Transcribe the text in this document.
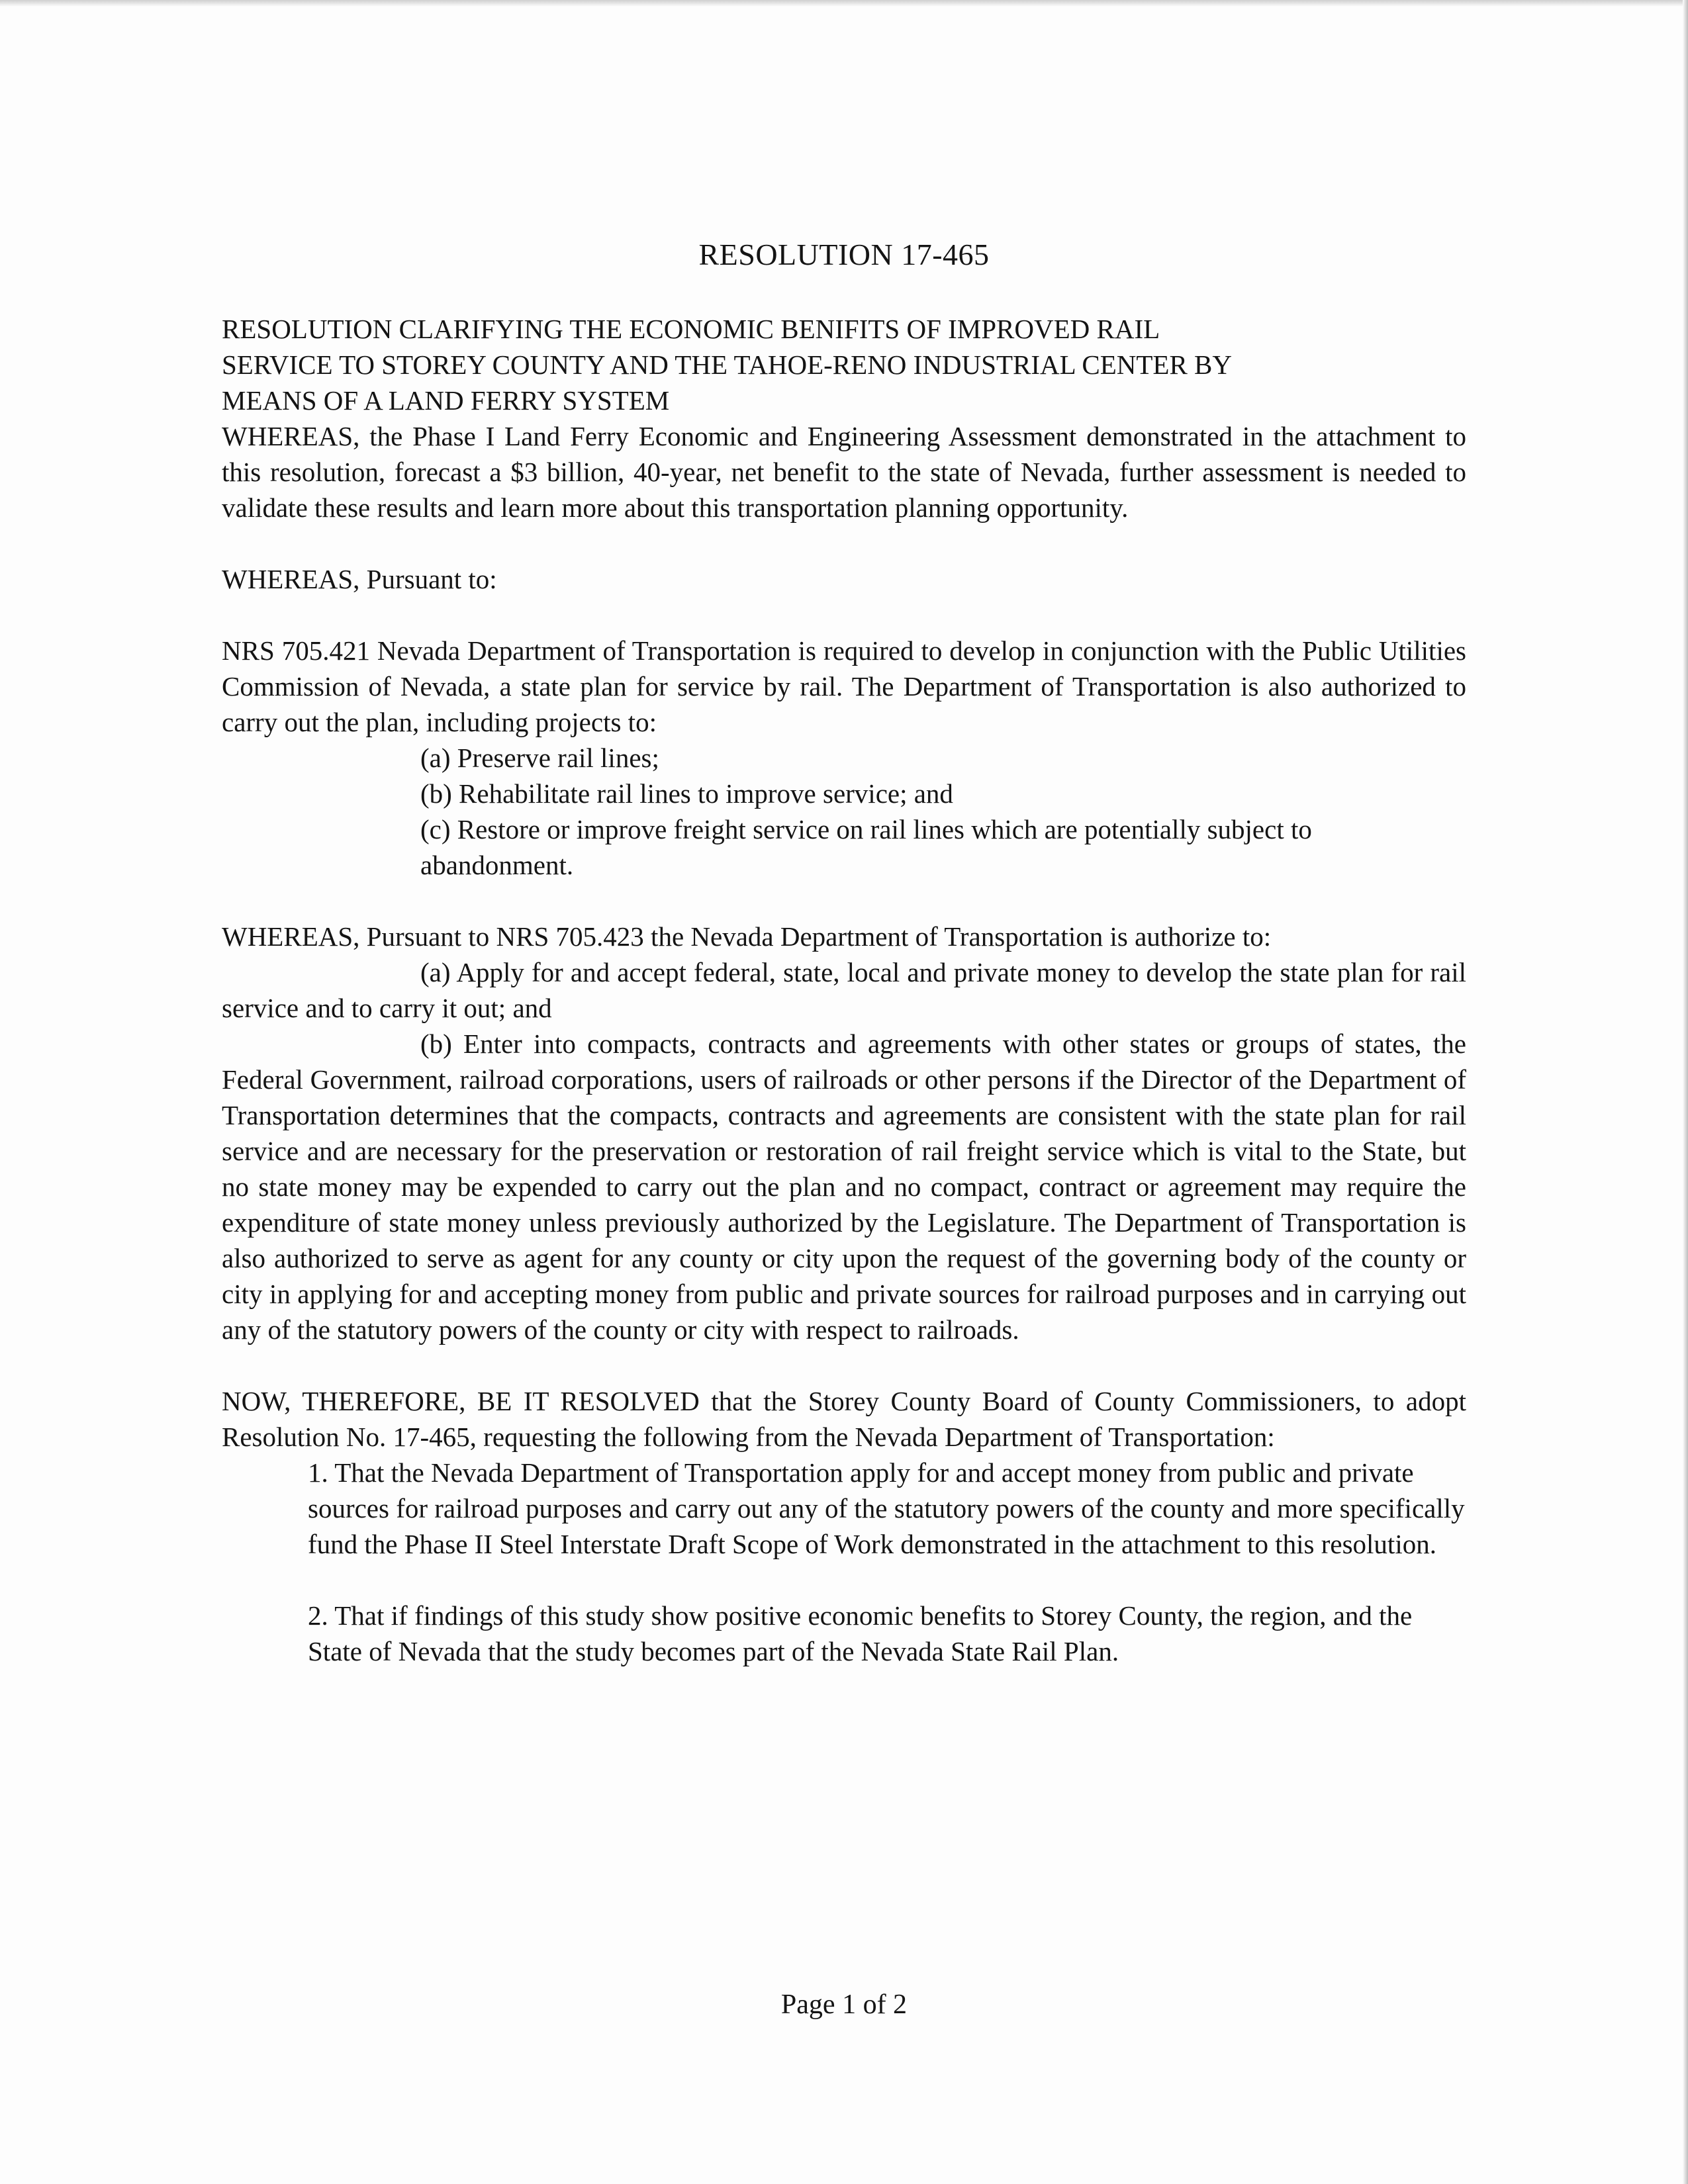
RESOLUTION 17-465

RESOLUTION CLARIFYING THE ECONOMIC BENIFITS OF IMPROVED RAIL
SERVICE TO STOREY COUNTY AND THE TAHOE-RENO INDUSTRIAL CENTER BY
MEANS OF A LAND FERRY SYSTEM

WHEREAS, the Phase I Land Ferry Economic and Engineering Assessment demonstrated in the attachment to this resolution, forecast a $3 billion, 40-year, net benefit to the state of Nevada, further assessment is needed to validate these results and learn more about this transportation planning opportunity.

WHEREAS, Pursuant to:

NRS 705.421 Nevada Department of Transportation is required to develop in conjunction with the Public Utilities Commission of Nevada, a state plan for service by rail. The Department of Transportation is also authorized to carry out the plan, including projects to:

(a) Preserve rail lines;
(b) Rehabilitate rail lines to improve service; and
(c) Restore or improve freight service on rail lines which are potentially subject to abandonment.

WHEREAS, Pursuant to NRS 705.423 the Nevada Department of Transportation is authorize to:

(a) Apply for and accept federal, state, local and private money to develop the state plan for rail service and to carry it out; and

(b) Enter into compacts, contracts and agreements with other states or groups of states, the Federal Government, railroad corporations, users of railroads or other persons if the Director of the Department of Transportation determines that the compacts, contracts and agreements are consistent with the state plan for rail service and are necessary for the preservation or restoration of rail freight service which is vital to the State, but no state money may be expended to carry out the plan and no compact, contract or agreement may require the expenditure of state money unless previously authorized by the Legislature. The Department of Transportation is also authorized to serve as agent for any county or city upon the request of the governing body of the county or city in applying for and accepting money from public and private sources for railroad purposes and in carrying out any of the statutory powers of the county or city with respect to railroads.

NOW, THEREFORE, BE IT RESOLVED that the Storey County Board of County Commissioners, to adopt Resolution No. 17-465, requesting the following from the Nevada Department of Transportation:

1. That the Nevada Department of Transportation apply for and accept money from public and private sources for railroad purposes and carry out any of the statutory powers of the county and more specifically fund the Phase II Steel Interstate Draft Scope of Work demonstrated in the attachment to this resolution.

2. That if findings of this study show positive economic benefits to Storey County, the region, and the State of Nevada that the study becomes part of the Nevada State Rail Plan.

Page 1 of 2
